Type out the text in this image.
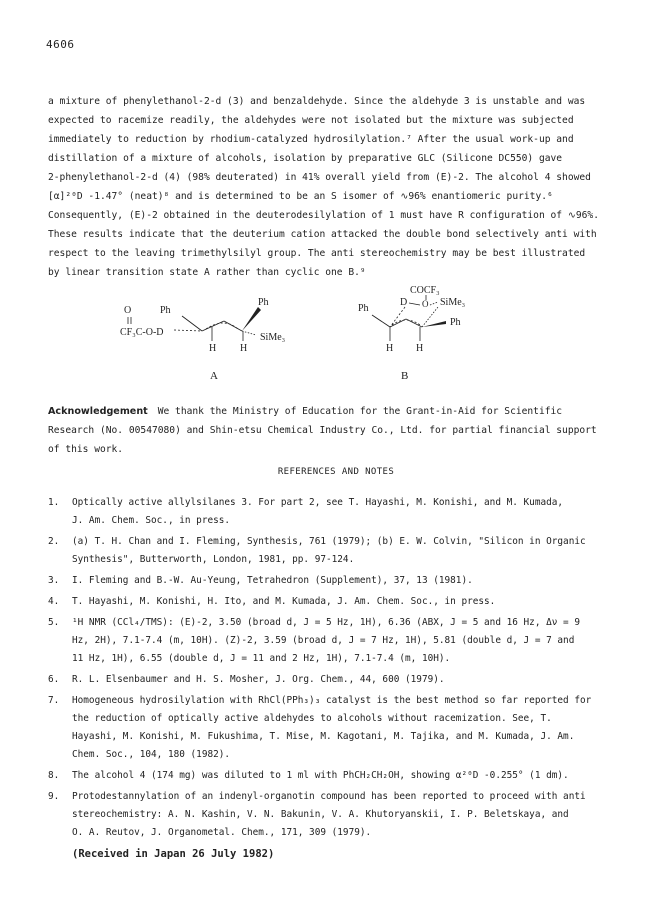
4606
a mixture of phenylethanol-2-d (3) and benzaldehyde. Since the aldehyde 3 is unstable and was
expected to racemize readily, the aldehydes were not isolated but the mixture was subjected
immediately to reduction by rhodium-catalyzed hydrosilylation.⁷ After the usual work-up and
distillation of a mixture of alcohols, isolation by preparative GLC (Silicone DC550) gave
2-phenylethanol-2-d (4) (98% deuterated) in 41% overall yield from (E)-2. The alcohol 4 showed
[α]²⁰D -1.47° (neat)⁸ and is determined to be an S isomer of ∿96% enantiomeric purity.⁶
Consequently, (E)-2 obtained in the deuterodesilylation of 1 must have R configuration of ∿96%.
These results indicate that the deuterium cation attacked the double bond selectively anti with
respect to the leaving trimethylsilyl group. The anti stereochemistry may be best illustrated
by linear transition state A rather than cyclic one B.⁹
O
CF₃C-O-D
Ph
Ph
SiMe₃
H H
A
COCF₃
D O SiMe₃
Ph
Ph
H H
B
Acknowledgement We thank the Ministry of Education for the Grant-in-Aid for Scientific
Research (No. 00547080) and Shin-etsu Chemical Industry Co., Ltd. for partial financial support
of this work.
REFERENCES AND NOTES
1. Optically active allylsilanes 3. For part 2, see T. Hayashi, M. Konishi, and M. Kumada,
J. Am. Chem. Soc., in press.
2. (a) T. H. Chan and I. Fleming, Synthesis, 761 (1979); (b) E. W. Colvin, "Silicon in Organic
Synthesis", Butterworth, London, 1981, pp. 97-124.
3. I. Fleming and B.-W. Au-Yeung, Tetrahedron (Supplement), 37, 13 (1981).
4. T. Hayashi, M. Konishi, H. Ito, and M. Kumada, J. Am. Chem. Soc., in press.
5. ¹H NMR (CCl₄/TMS): (E)-2, 3.50 (broad d, J = 5 Hz, 1H), 6.36 (ABX, J = 5 and 16 Hz, Δν = 9
Hz, 2H), 7.1-7.4 (m, 10H). (Z)-2, 3.59 (broad d, J = 7 Hz, 1H), 5.81 (double d, J = 7 and
11 Hz, 1H), 6.55 (double d, J = 11 and 2 Hz, 1H), 7.1-7.4 (m, 10H).
6. R. L. Elsenbaumer and H. S. Mosher, J. Org. Chem., 44, 600 (1979).
7. Homogeneous hydrosilylation with RhCl(PPh₃)₃ catalyst is the best method so far reported for
the reduction of optically active aldehydes to alcohols without racemization. See, T.
Hayashi, M. Konishi, M. Fukushima, T. Mise, M. Kagotani, M. Tajika, and M. Kumada, J. Am.
Chem. Soc., 104, 180 (1982).
8. The alcohol 4 (174 mg) was diluted to 1 ml with PhCH₂CH₂OH, showing α²⁰D -0.255° (1 dm).
9. Protodestannylation of an indenyl-organotin compound has been reported to proceed with anti
stereochemistry: A. N. Kashin, V. N. Bakunin, V. A. Khutoryanskii, I. P. Beletskaya, and
O. A. Reutov, J. Organometal. Chem., 171, 309 (1979).
(Received in Japan 26 July 1982)
